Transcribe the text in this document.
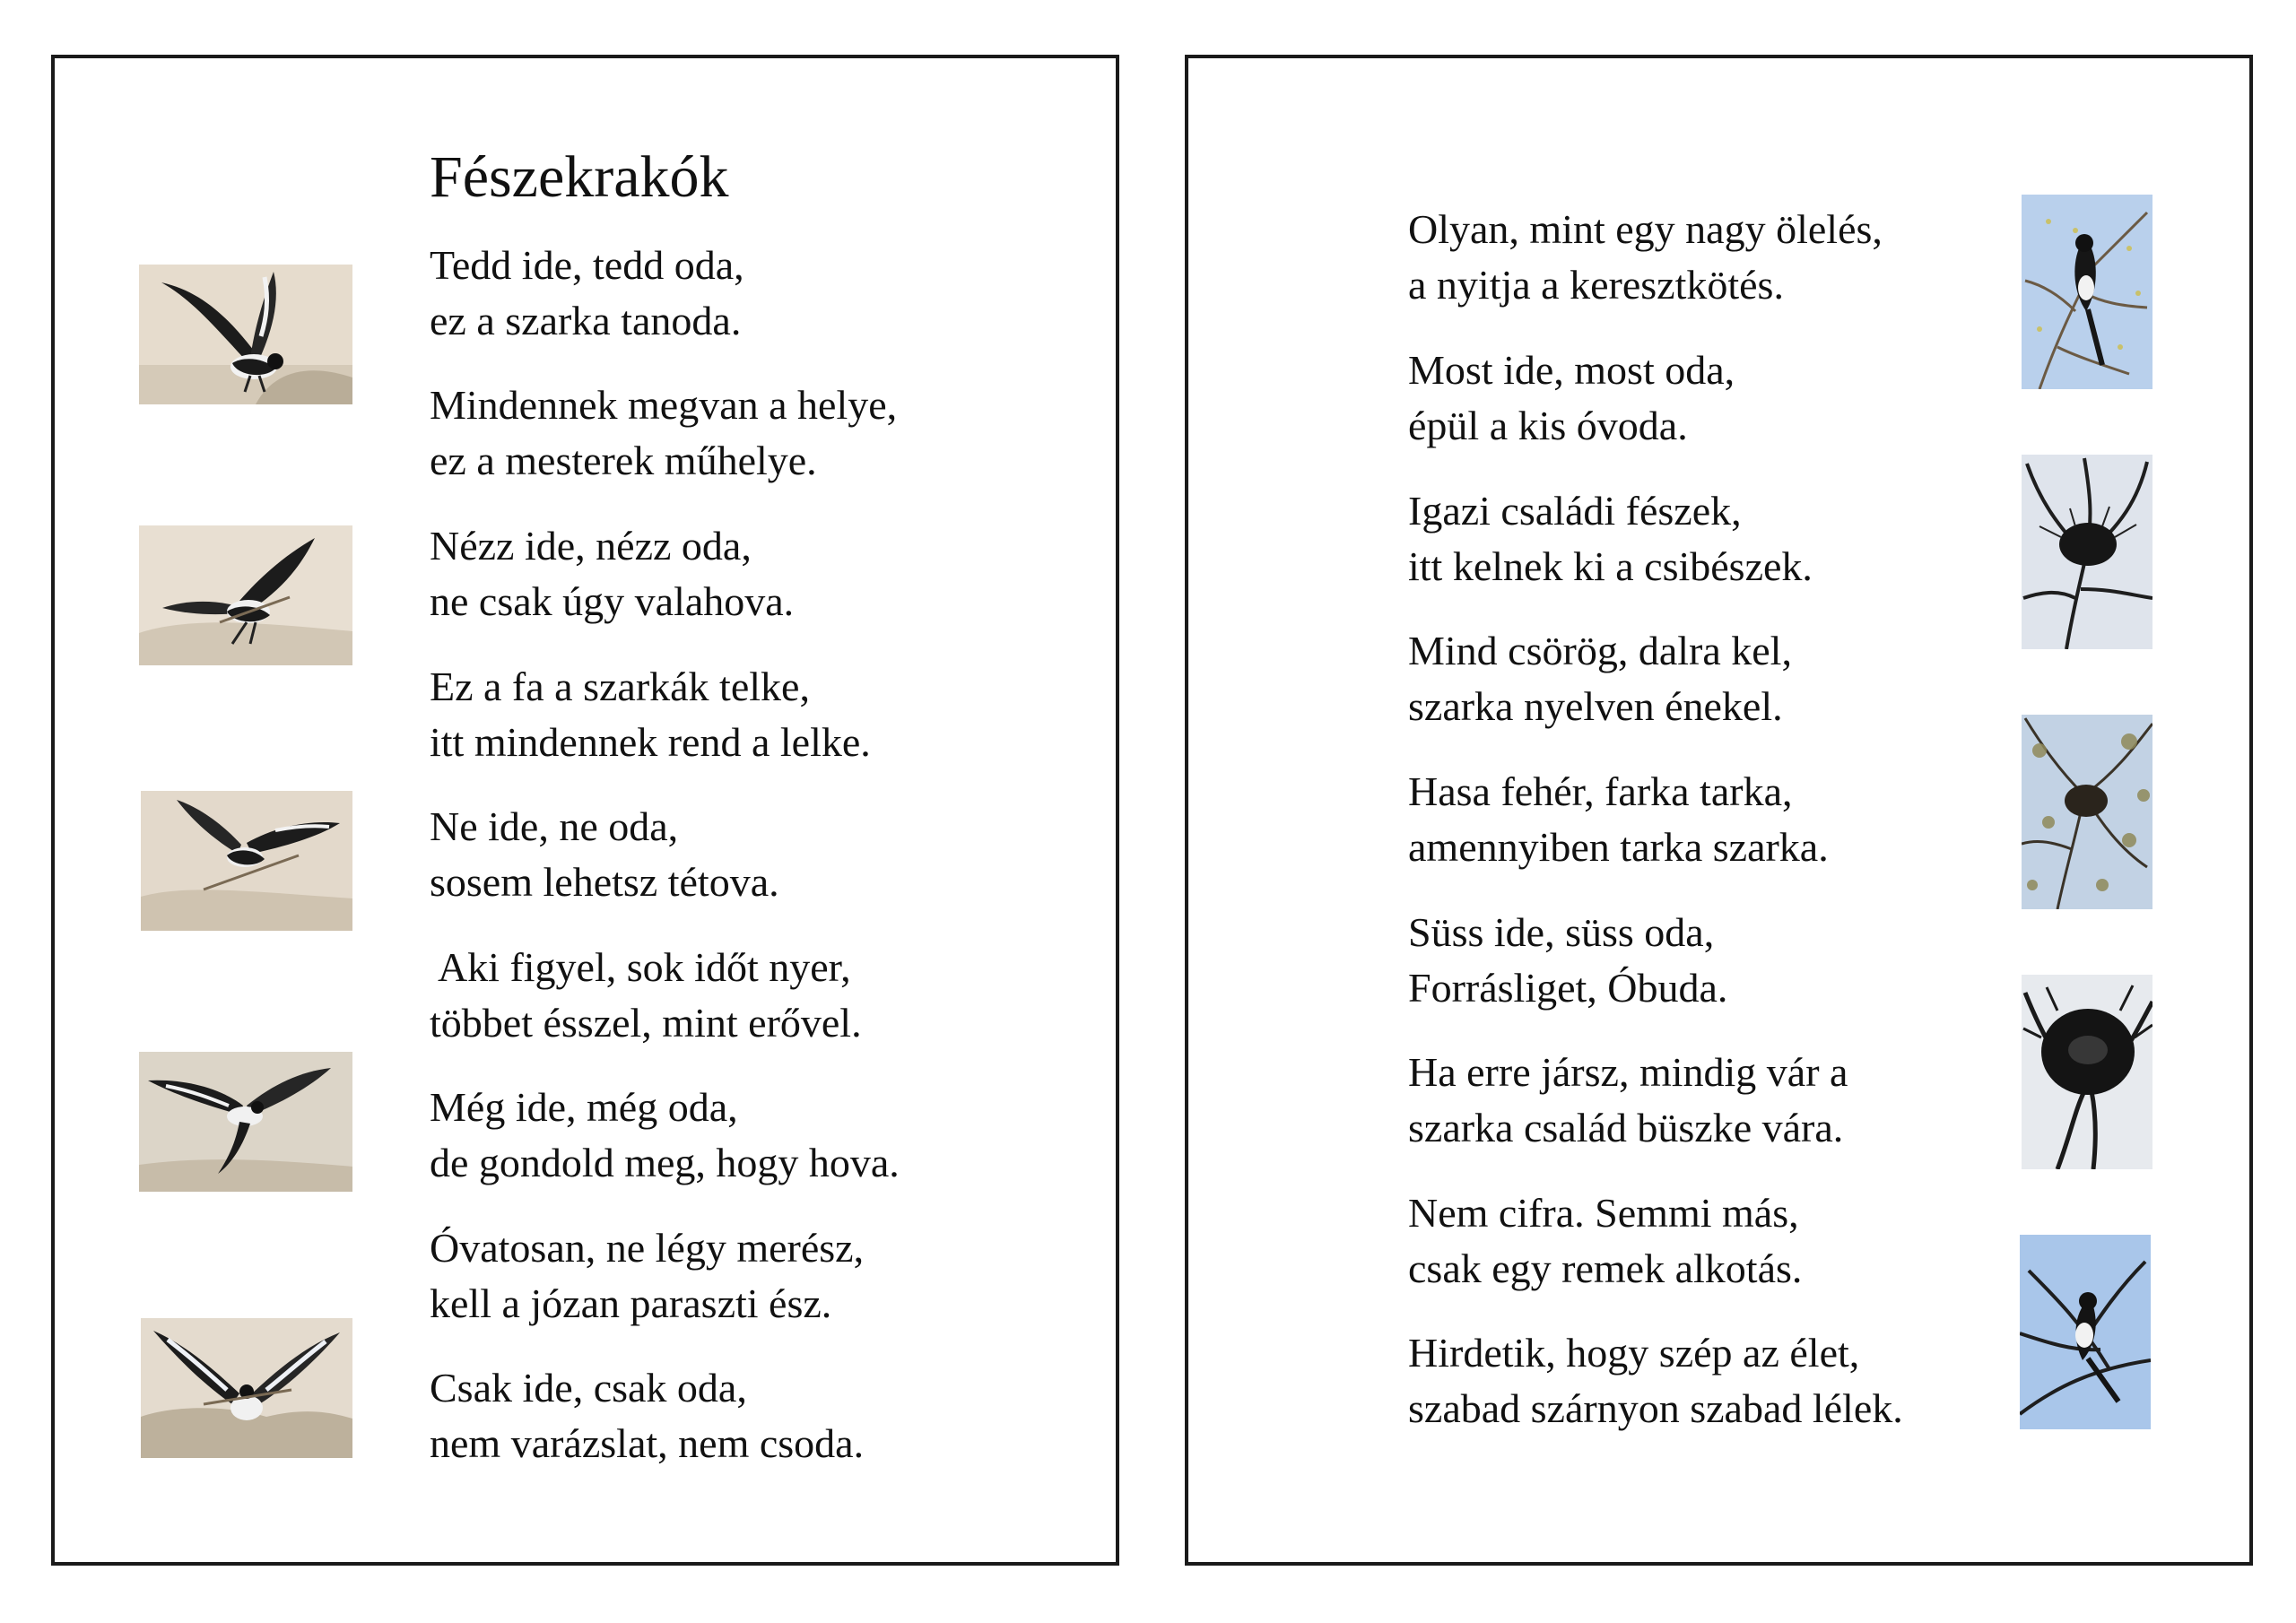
Fészekrakók
Tedd ide, tedd oda,
ez a szarka tanoda.
Mindennek megvan a helye,
ez a mesterek műhelye.
Nézz ide, nézz oda,
ne csak úgy valahova.
Ez a fa a szarkák telke,
itt mindennek rend a lelke.
Ne ide, ne oda,
sosem lehetsz tétova.
Aki figyel, sok időt nyer,
többet ésszel, mint erővel.
Még ide, még oda,
de gondold meg, hogy hova.
Óvatosan, ne légy merész,
kell a józan paraszti ész.
Csak ide, csak oda,
nem varázslat, nem csoda.
Olyan, mint egy nagy ölelés,
a nyitja a keresztkötés.
Most ide, most oda,
épül a kis óvoda.
Igazi családi fészek,
itt kelnek ki a csibészek.
Mind csörög, dalra kel,
szarka nyelven énekel.
Hasa fehér, farka tarka,
amennyiben tarka szarka.
Süss ide, süss oda,
Forrásliget, Óbuda.
Ha erre jársz, mindig vár a
szarka család büszke vára.
Nem cifra. Semmi más,
csak egy remek alkotás.
Hirdetik, hogy szép az élet,
szabad szárnyon szabad lélek.
